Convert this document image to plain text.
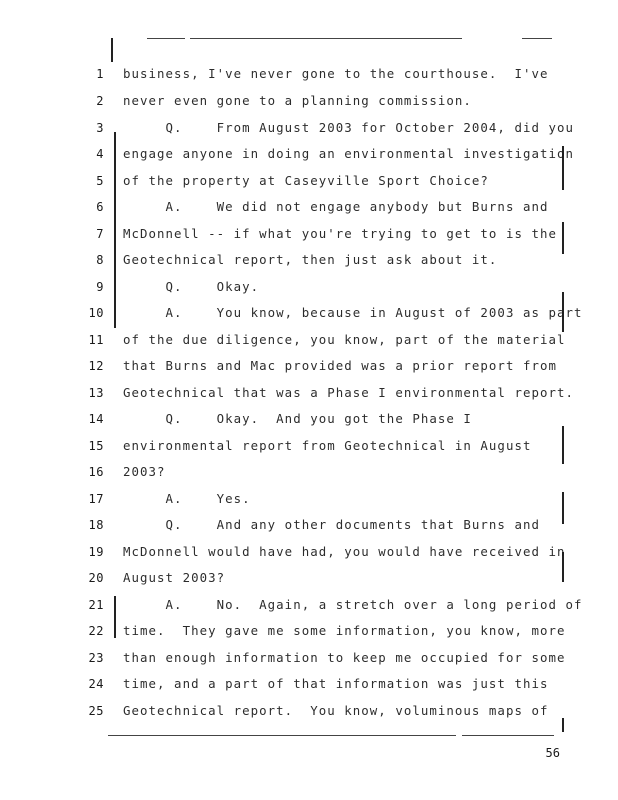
1 business, I've never gone to the courthouse.  I've
2 never even gone to a planning commission.
3 Q.    From August 2003 for October 2004, did you
4 engage anyone in doing an environmental investigation
5 of the property at Caseyville Sport Choice?
6 A.    We did not engage anybody but Burns and
7 McDonnell -- if what you're trying to get to is the
8 Geotechnical report, then just ask about it.
9 Q.    Okay.
10 A.    You know, because in August of 2003 as part
11 of the due diligence, you know, part of the material
12 that Burns and Mac provided was a prior report from
13 Geotechnical that was a Phase I environmental report.
14 Q.    Okay.  And you got the Phase I
15 environmental report from Geotechnical in August
16 2003?
17 A.    Yes.
18 Q.    And any other documents that Burns and
19 McDonnell would have had, you would have received in
20 August 2003?
21 A.    No.  Again, a stretch over a long period of
22 time.  They gave me some information, you know, more
23 than enough information to keep me occupied for some
24 time, and a part of that information was just this
25 Geotechnical report.  You know, voluminous maps of
56
